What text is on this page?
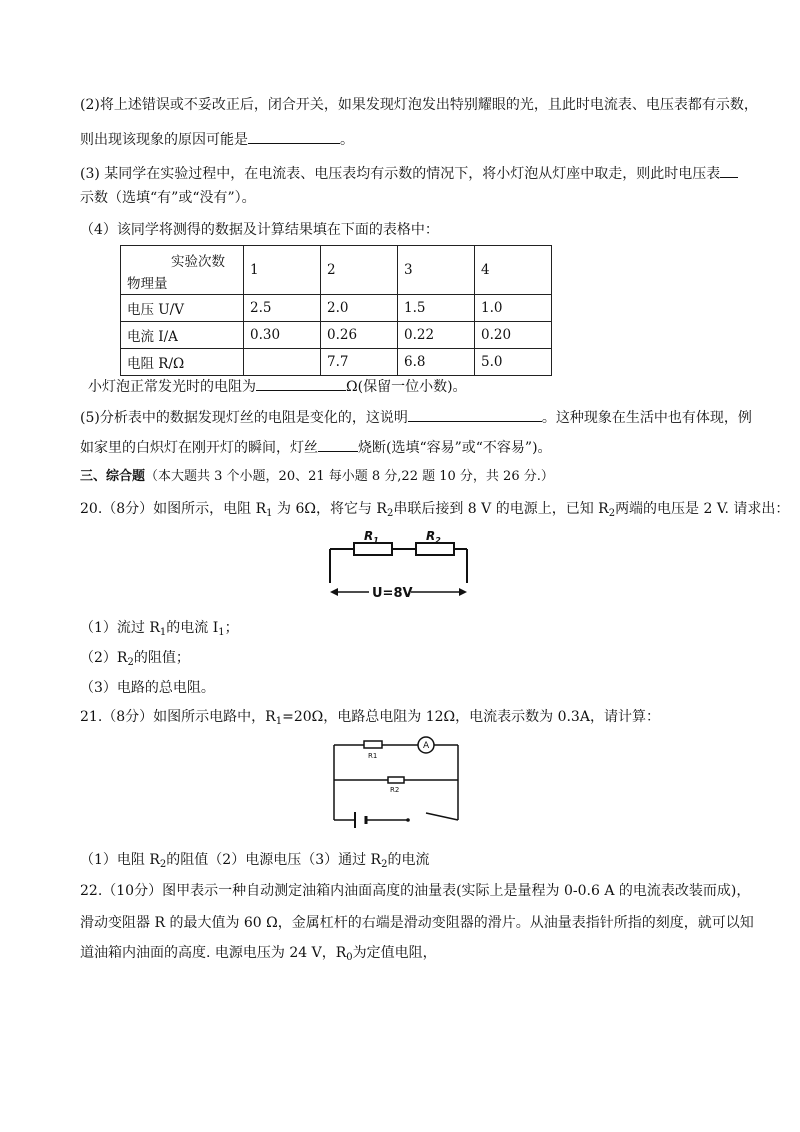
(2)将上述错误或不妥改正后，闭合开关，如果发现灯泡发出特别耀眼的光，且此时电流表、电压表都有示数，
则出现该现象的原因可能是	。
(3) 某同学在实验过程中，在电流表、电压表均有示数的情况下，将小灯泡从灯座中取走，则此时电压表
示数（选填“有”或“没有”）。
（4）该同学将测得的数据及计算结果填在下面的表格中：
实验次数
物理量	1	2	3	4
电压 U/V	2.5	2.0	1.5	1.0
电流 I/A	0.30	0.26	0.22	0.20
电阻 R/Ω		7.7	6.8	5.0
小灯泡正常发光时的电阻为	Ω(保留一位小数)。
(5)分析表中的数据发现灯丝的电阻是变化的，这说明	。这种现象在生活中也有体现，例
如家里的白炽灯在刚开灯的瞬间，灯丝	烧断(选填“容易”或“不容易”)。
三、综合题（本大题共 3 个小题，20、21 每小题 8 分,22 题 10 分，共 26 分.）
20.（8分）如图所示，电阻 $R_1$ 为 6Ω，将它与 $R_2$串联后接到 8 V 的电源上，已知 $R_2$两端的电压是 2 V. 请求出：
$R_1$	$R_2$
U=8V
（1）流过 $R_1$的电流 $I_1$；
$(2)R_2$的阻值；
（3）电路的总电阻。
21.（8分）如图所示电路中，$R_1=20\Omega$，电路总电阻为 12Ω，电流表示数为 0.3A，请计算：
R1
R2
A
（1）电阻 $R_2$的阻值（2）电源电压（3）通过 $R_2$的电流
22.（10分）图甲表示一种自动测定油箱内油面高度的油量表(实际上是量程为 0-0.6 A 的电流表改装而成)，
滑动变阻器 R 的最大值为 60 Ω，金属杠杆的右端是滑动变阻器的滑片。从油量表指针所指的刻度，就可以知
道油箱内油面的高度. 电源电压为 24 V，$R_0$为定值电阻，
